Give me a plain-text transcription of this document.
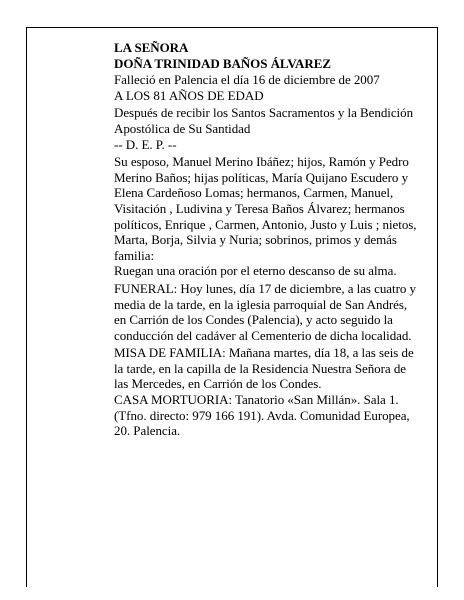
LA SEÑORA

DOÑA TRINIDAD BAÑOS ÁLVAREZ

Falleció en Palencia el día 16 de diciembre de 2007

A LOS 81 AÑOS DE EDAD

Después de recibir los Santos Sacramentos y la Bendición Apostólica de Su Santidad

-- D. E. P. --

Su esposo, Manuel Merino Ibáñez; hijos, Ramón y Pedro Merino Baños; hijas políticas, María Quijano Escudero y Elena Cardeñoso Lomas; hermanos, Carmen, Manuel, Visitación , Ludivina y Teresa Baños Álvarez; hermanos políticos, Enrique , Carmen, Antonio, Justo y Luis ; nietos, Marta, Borja, Silvia y Nuria; sobrinos, primos y demás familia:

Ruegan una oración por el eterno descanso de su alma.

FUNERAL: Hoy lunes, día 17 de diciembre, a las cuatro y media de la tarde, en la iglesia parroquial de San Andrés, en Carrión de los Condes (Palencia), y acto seguido la conducción del cadáver al Cementerio de dicha localidad.

MISA DE FAMILIA: Mañana martes, día 18, a las seis de la tarde, en la capilla de la Residencia Nuestra Señora de las Mercedes, en Carrión de los Condes.

CASA MORTUORIA: Tanatorio «San Millán». Sala 1. (Tfno. directo: 979 166 191). Avda. Comunidad Europea, 20. Palencia.
